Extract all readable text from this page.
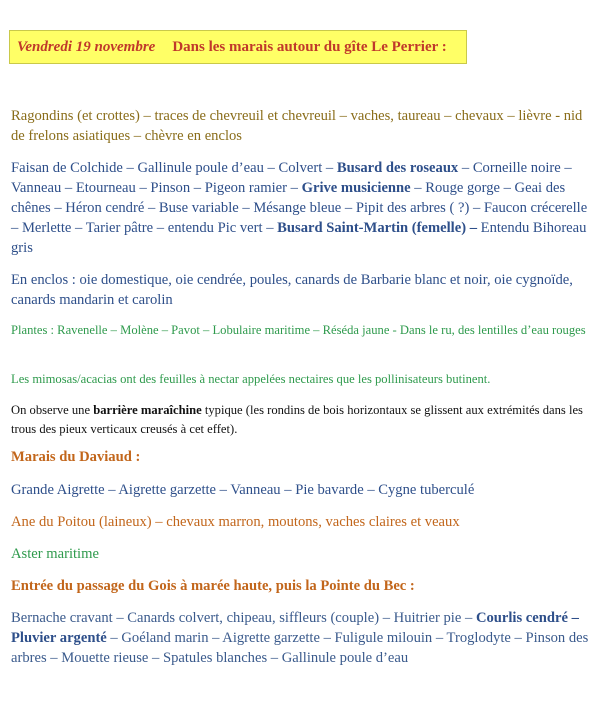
Vendredi 19 novembre Dans les marais autour du gîte Le Perrier :

Ragondins (et crottes) – traces de chevreuil et chevreuil – vaches, taureau – chevaux – lièvre - nid de frelons asiatiques – chèvre en enclos

Faisan de Colchide – Gallinule poule d’eau – Colvert – Busard des roseaux – Corneille noire – Vanneau – Etourneau – Pinson – Pigeon ramier – Grive musicienne – Rouge gorge – Geai des chênes – Héron cendré – Buse variable – Mésange bleue – Pipit des arbres ( ?) – Faucon crécerelle – Merlette – Tarier pâtre – entendu Pic vert – Busard Saint-Martin (femelle) – Entendu Bihoreau gris

En enclos : oie domestique, oie cendrée, poules, canards de Barbarie blanc et noir, oie cygnoïde, canards mandarin et carolin

Plantes : Ravenelle – Molène – Pavot – Lobulaire maritime – Réséda jaune - Dans le ru, des lentilles d’eau rouges

Les mimosas/acacias ont des feuilles à nectar appelées nectaires que les pollinisateurs butinent.

On observe une barrière maraîchine typique (les rondins de bois horizontaux se glissent aux extrémités dans les trous des pieux verticaux creusés à cet effet).

Marais du Daviaud :

Grande Aigrette – Aigrette garzette – Vanneau – Pie bavarde – Cygne tuberculé

Ane du Poitou (laineux) – chevaux marron, moutons, vaches claires et veaux

Aster maritime

Entrée du passage du Gois à marée haute, puis la Pointe du Bec :

Bernache cravant – Canards colvert, chipeau, siffleurs (couple) – Huitrier pie – Courlis cendré – Pluvier argenté – Goéland marin – Aigrette garzette – Fuligule milouin – Troglodyte – Pinson des arbres – Mouette rieuse – Spatules blanches – Gallinule poule d’eau
